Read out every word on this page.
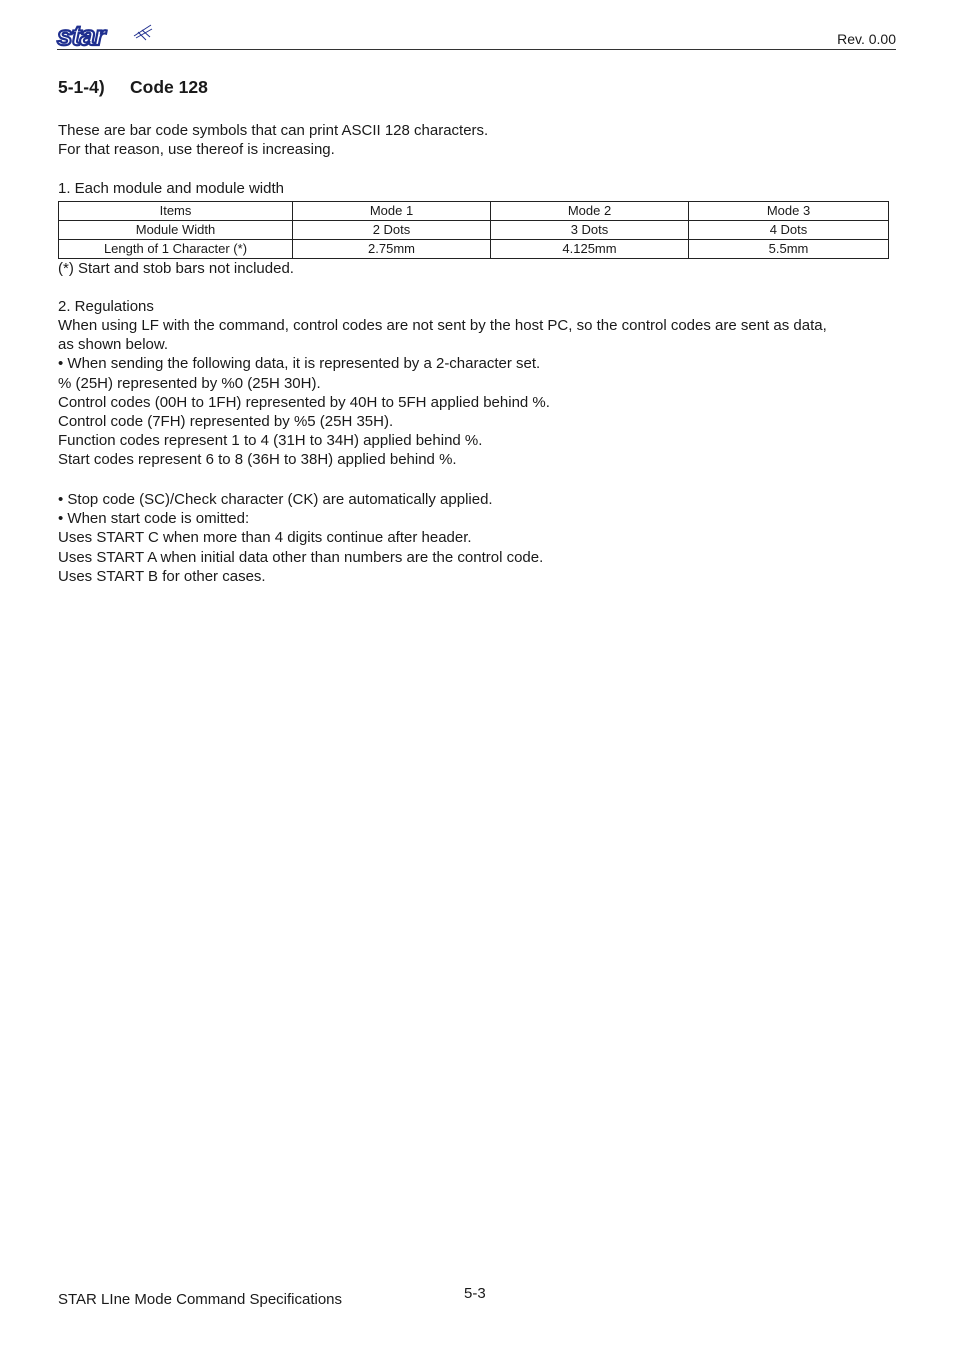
star	Rev. 0.00
5-1-4) Code 128
These are bar code symbols that can print ASCII 128 characters.
For that reason, use thereof is increasing.
1. Each module and module width
Items	Mode 1	Mode 2	Mode 3
Module Width	2 Dots	3 Dots	4 Dots
Length of 1 Character (*)	2.75mm	4.125mm	5.5mm
(*) Start and stob bars not included.
2. Regulations
When using LF with the command, control codes are not sent by the host PC, so the control codes are sent as data,
as shown below.
• When sending the following data, it is represented by a 2-character set.
% (25H) represented by %0 (25H 30H).
Control codes (00H to 1FH) represented by 40H to 5FH applied behind %.
Control code (7FH) represented by %5 (25H 35H).
Function codes represent 1 to 4 (31H to 34H) applied behind %.
Start codes represent 6 to 8 (36H to 38H) applied behind %.
• Stop code (SC)/Check character (CK) are automatically applied.
• When start code is omitted:
Uses START C when more than 4 digits continue after header.
Uses START A when initial data other than numbers are the control code.
Uses START B for other cases.
STAR LIne Mode Command Specifications	5-3
